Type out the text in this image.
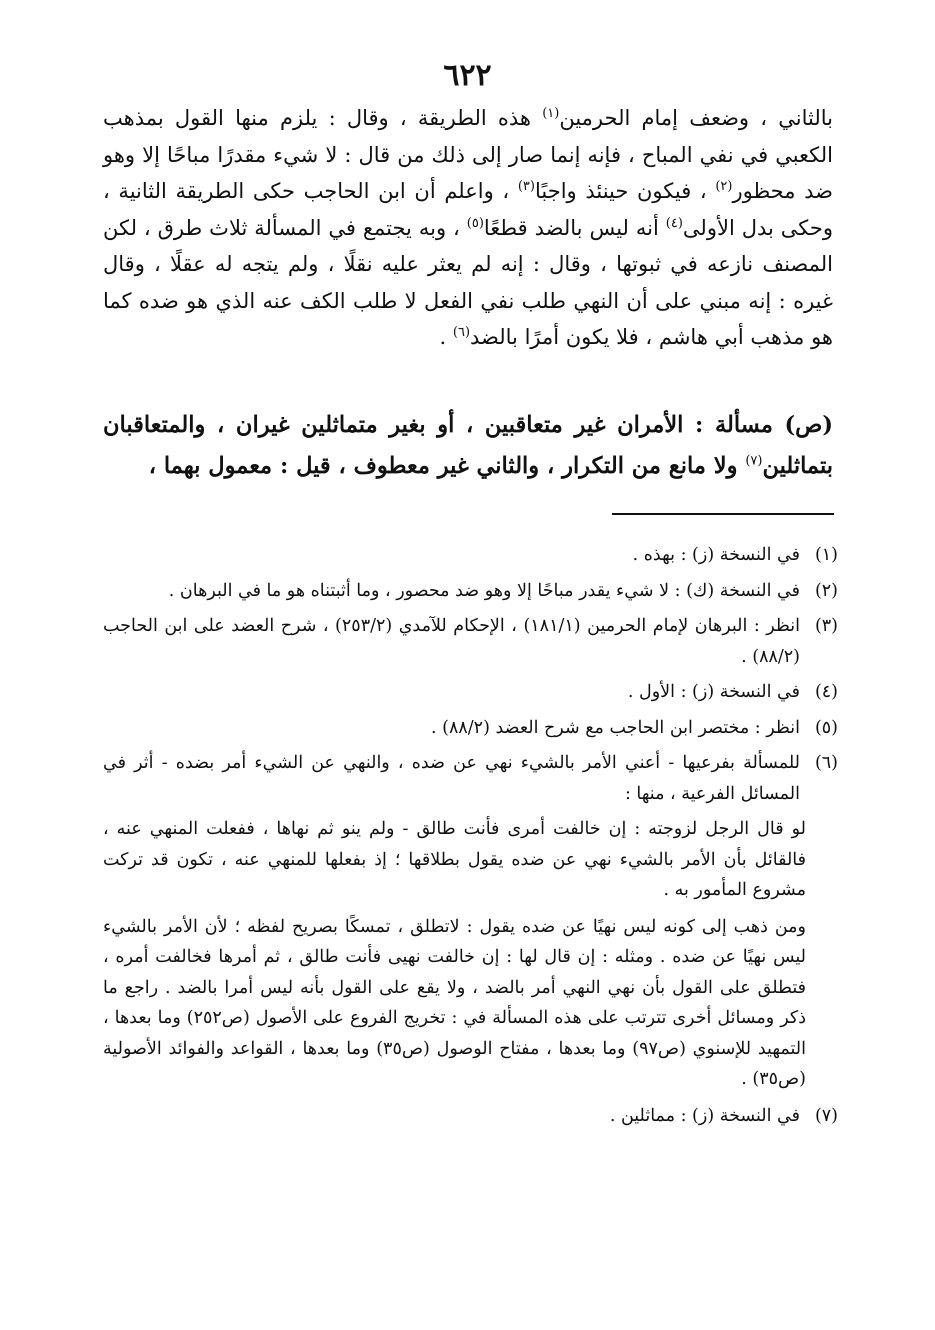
٦٢٢

بالثاني ، وضعف إمام الحرمين$^{(١)}$ هذه الطريقة ، وقال : يلزم منها القول بمذهب الكعبي في نفي المباح ، فإنه إنما صار إلى ذلك من قال : لا شيء مقدرًا مباحًا إلا وهو ضد محظور$^{(٢)}$ ، فيكون حينئذ واجبًا$^{(٣)}$ ، واعلم أن ابن الحاجب حكى الطريقة الثانية ، وحكى بدل الأولى$^{(٤)}$ أنه ليس بالضد قطعًا$^{(٥)}$ ، وبه يجتمع في المسألة ثلاث طرق ، لكن المصنف نازعه في ثبوتها ، وقال : إنه لم يعثر عليه نقلًا ، ولم يتجه له عقلًا ، وقال غيره : إنه مبني على أن النهي طلب نفي الفعل لا طلب الكف عنه الذي هو ضده كما هو مذهب أبي هاشم ، فلا يكون أمرًا بالضد$^{(٦)}$ .

(ص) مسألة : الأمران غير متعاقبين ، أو بغير متماثلين غيران ، والمتعاقبان بتماثلين$^{(٧)}$ ولا مانع من التكرار ، والثاني غير معطوف ، قيل : معمول بهما ،
(١)
في النسخة (ز) : بهذه .
(٢)
في النسخة (ك) : لا شيء يقدر مباحًا إلا وهو ضد محصور ، وما أثبتناه هو ما في البرهان .
(٣)
انظر : البرهان لإمام الحرمين (١٨١/١) ، الإحكام للآمدي (٢٥٣/٢) ، شرح العضد على ابن الحاجب (٨٨/٢) .
(٤)
في النسخة (ز) : الأول .
(٥)
انظر : مختصر ابن الحاجب مع شرح العضد (٨٨/٢) .
(٦)
للمسألة بفرعيها - أعني الأمر بالشيء نهي عن ضده ، والنهي عن الشيء أمر بضده - أثر في المسائل الفرعية ، منها :

لو قال الرجل لزوجته : إن خالفت أمرى فأنت طالق - ولم ينو ثم نهاها ، ففعلت المنهي عنه ، فالقائل بأن الأمر بالشيء نهي عن ضده يقول بطلاقها ؛ إذ بفعلها للمنهي عنه ، تكون قد تركت مشروع المأمور به .

ومن ذهب إلى كونه ليس نهيًا عن ضده يقول : لاتطلق ، تمسكًا بصريح لفظه ؛ لأن الأمر بالشيء ليس نهيًا عن ضده . ومثله : إن قال لها : إن خالفت نهيى فأنت طالق ، ثم أمرها فخالفت أمره ، فتطلق على القول بأن نهي النهي أمر بالضد ، ولا يقع على القول بأنه ليس أمرا بالضد . راجع ما ذكر ومسائل أخرى تترتب على هذه المسألة في : تخريج الفروع على الأصول (ص٢٥٢) وما بعدها ، التمهيد للإسنوي (ص٩٧) وما بعدها ، مفتاح الوصول (ص٣٥) وما بعدها ، القواعد والفوائد الأصولية (ص٣٥) .

(٧)
في النسخة (ز) : مماثلين .
